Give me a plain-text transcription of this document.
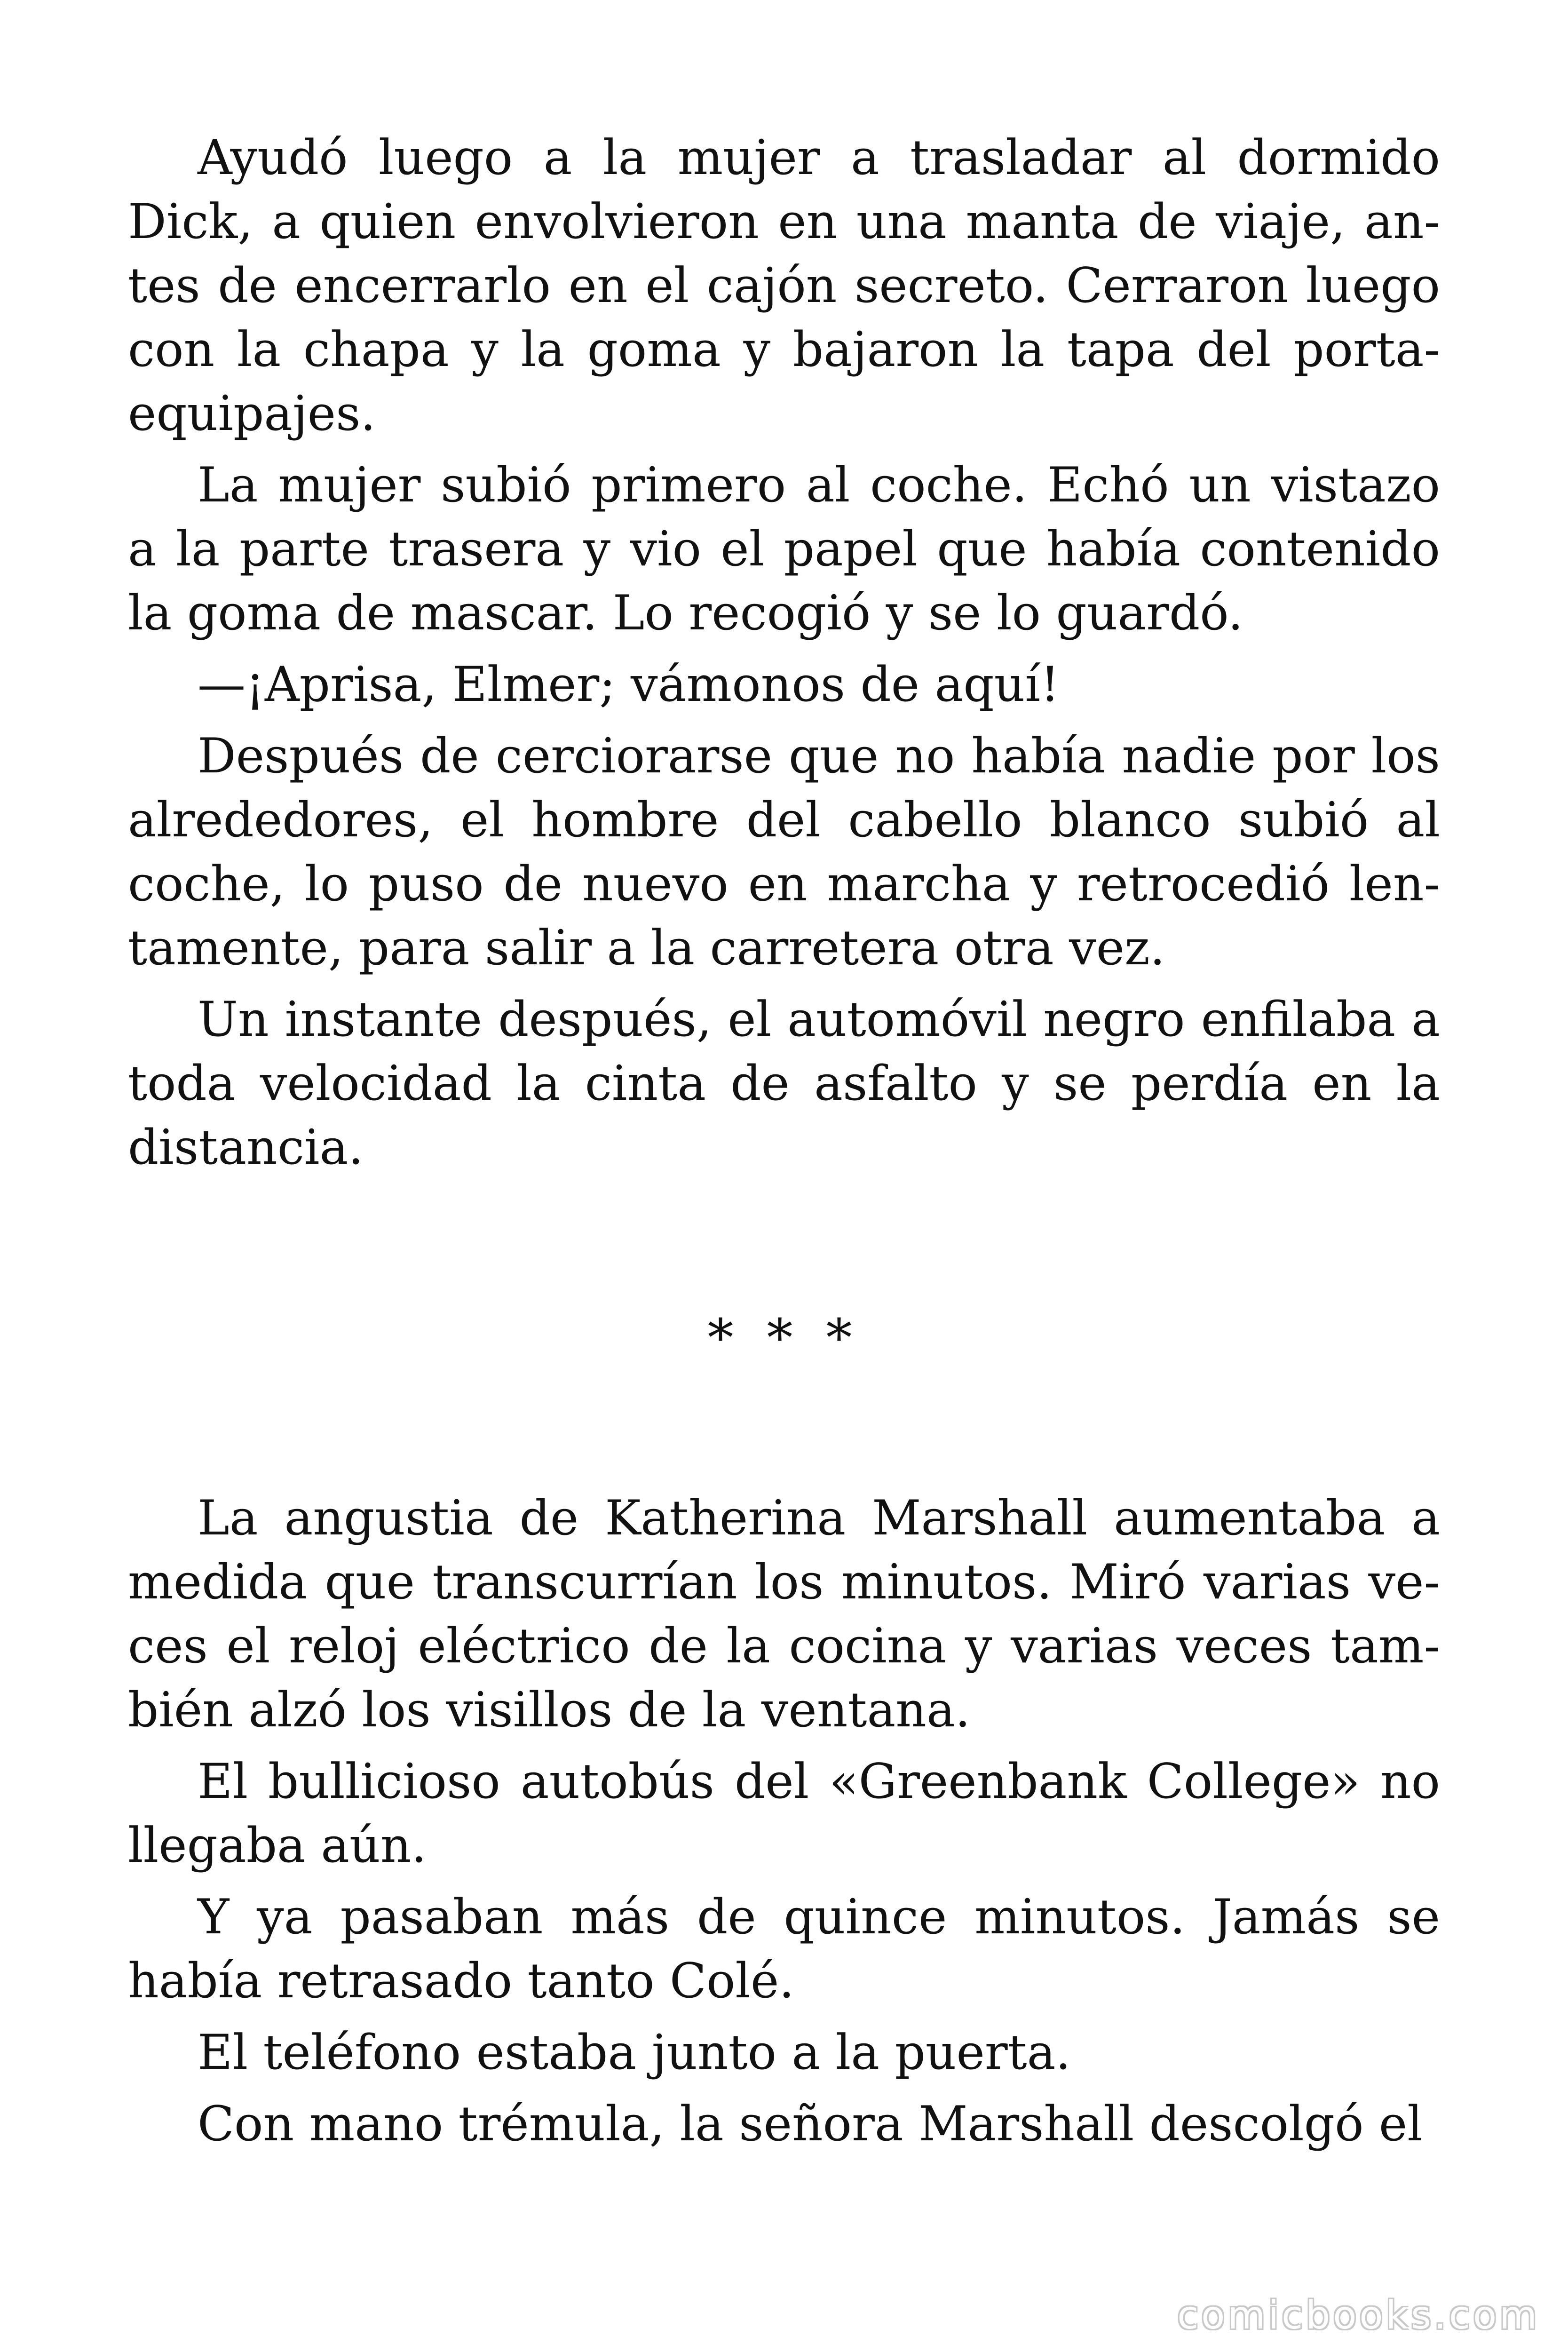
Ayudó luego a la mujer a trasladar al dormido Dick, a quien envolvieron en una manta de viaje, antes de encerrarlo en el cajón secreto. Cerraron luego con la chapa y la goma y bajaron la tapa del portaequipajes.

La mujer subió primero al coche. Echó un vistazo a la parte trasera y vio el papel que había contenido la goma de mascar. Lo recogió y se lo guardó.

—¡Aprisa, Elmer; vámonos de aquí!

Después de cerciorarse que no había nadie por los alrededores, el hombre del cabello blanco subió al coche, lo puso de nuevo en marcha y retrocedió lentamente, para salir a la carretera otra vez.

Un instante después, el automóvil negro enfilaba a toda velocidad la cinta de asfalto y se perdía en la distancia.

* * *

La angustia de Katherina Marshall aumentaba a medida que transcurrían los minutos. Miró varias veces el reloj eléctrico de la cocina y varias veces también alzó los visillos de la ventana.

El bullicioso autobús del «Greenbank College» no llegaba aún.

Y ya pasaban más de quince minutos. Jamás se había retrasado tanto Colé.

El teléfono estaba junto a la puerta.

Con mano trémula, la señora Marshall descolgó el

comicbooks.com
